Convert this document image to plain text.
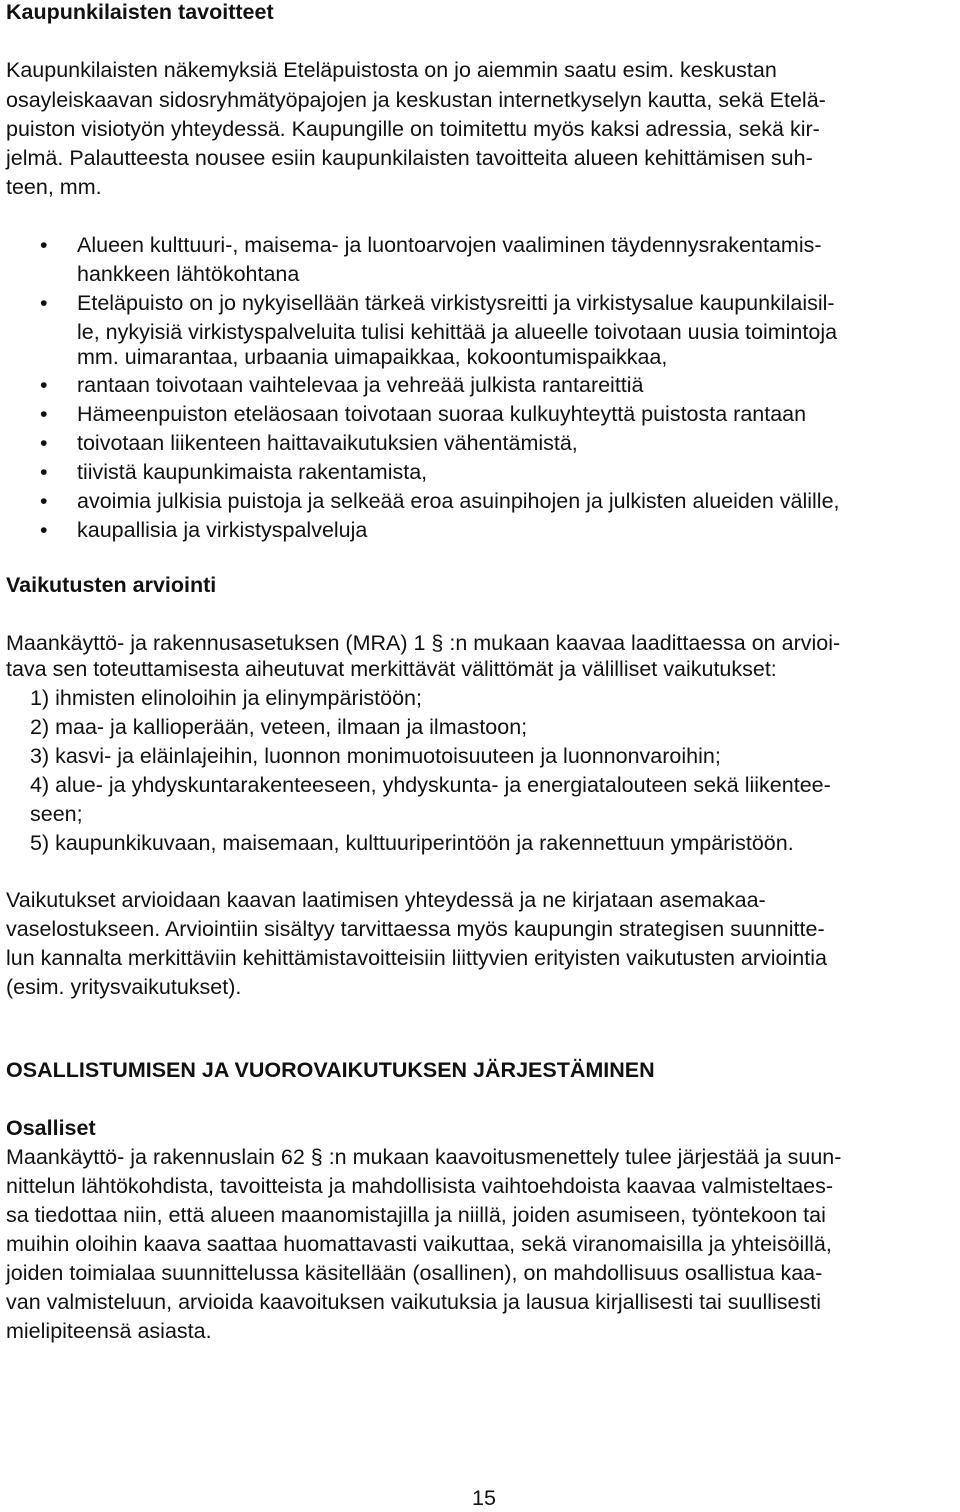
Kaupunkilaisten tavoitteet
Kaupunkilaisten näkemyksiä Eteläpuistosta on jo aiemmin saatu esim. keskustan
osayleiskaavan sidosryhmätyöpajojen ja keskustan internetkyselyn kautta, sekä Etelä-
puiston visiotyön yhteydessä. Kaupungille on toimitettu myös kaksi adressia, sekä kir-
jelmä. Palautteesta nousee esiin kaupunkilaisten tavoitteita alueen kehittämisen suh-
teen, mm.
• Alueen kulttuuri-, maisema- ja luontoarvojen vaaliminen täydennysrakentamis-
hankkeen lähtökohtana
• Eteläpuisto on jo nykyisellään tärkeä virkistysreitti ja virkistysalue kaupunkilaisil-
le, nykyisiä virkistyspalveluita tulisi kehittää ja alueelle toivotaan uusia toimintoja
mm. uimarantaa, urbaania uimapaikkaa, kokoontumispaikkaa,
• rantaan toivotaan vaihtelevaa ja vehreää julkista rantareittiä
• Hämeenpuiston eteläosaan toivotaan suoraa kulkuyhteyttä puistosta rantaan
• toivotaan liikenteen haittavaikutuksien vähentämistä,
• tiivistä kaupunkimaista rakentamista,
• avoimia julkisia puistoja ja selkeää eroa asuinpihojen ja julkisten alueiden välille,
• kaupallisia ja virkistyspalveluja
Vaikutusten arviointi
Maankäyttö- ja rakennusasetuksen (MRA) 1 § :n mukaan kaavaa laadittaessa on arvioi-
tava sen toteuttamisesta aiheutuvat merkittävät välittömät ja välilliset vaikutukset:
1) ihmisten elinoloihin ja elinympäristöön;
2) maa- ja kallioperään, veteen, ilmaan ja ilmastoon;
3) kasvi- ja eläinlajeihin, luonnon monimuotoisuuteen ja luonnonvaroihin;
4) alue- ja yhdyskuntarakenteeseen, yhdyskunta- ja energiatalouteen sekä liikentee-
seen;
5) kaupunkikuvaan, maisemaan, kulttuuriperintöön ja rakennettuun ympäristöön.
Vaikutukset arvioidaan kaavan laatimisen yhteydessä ja ne kirjataan asemakaa-
vaselostukseen. Arviointiin sisältyy tarvittaessa myös kaupungin strategisen suunnitte-
lun kannalta merkittäviin kehittämistavoitteisiin liittyvien erityisten vaikutusten arviointia
(esim. yritysvaikutukset).
OSALLISTUMISEN JA VUOROVAIKUTUKSEN JÄRJESTÄMINEN
Osalliset
Maankäyttö- ja rakennuslain 62 § :n mukaan kaavoitusmenettely tulee järjestää ja suun-
nittelun lähtökohdista, tavoitteista ja mahdollisista vaihtoehdoista kaavaa valmisteltaes-
sa tiedottaa niin, että alueen maanomistajilla ja niillä, joiden asumiseen, työntekoon tai
muihin oloihin kaava saattaa huomattavasti vaikuttaa, sekä viranomaisilla ja yhteisöillä,
joiden toimialaa suunnittelussa käsitellään (osallinen), on mahdollisuus osallistua kaa-
van valmisteluun, arvioida kaavoituksen vaikutuksia ja lausua kirjallisesti tai suullisesti
mielipiteensä asiasta.
15
